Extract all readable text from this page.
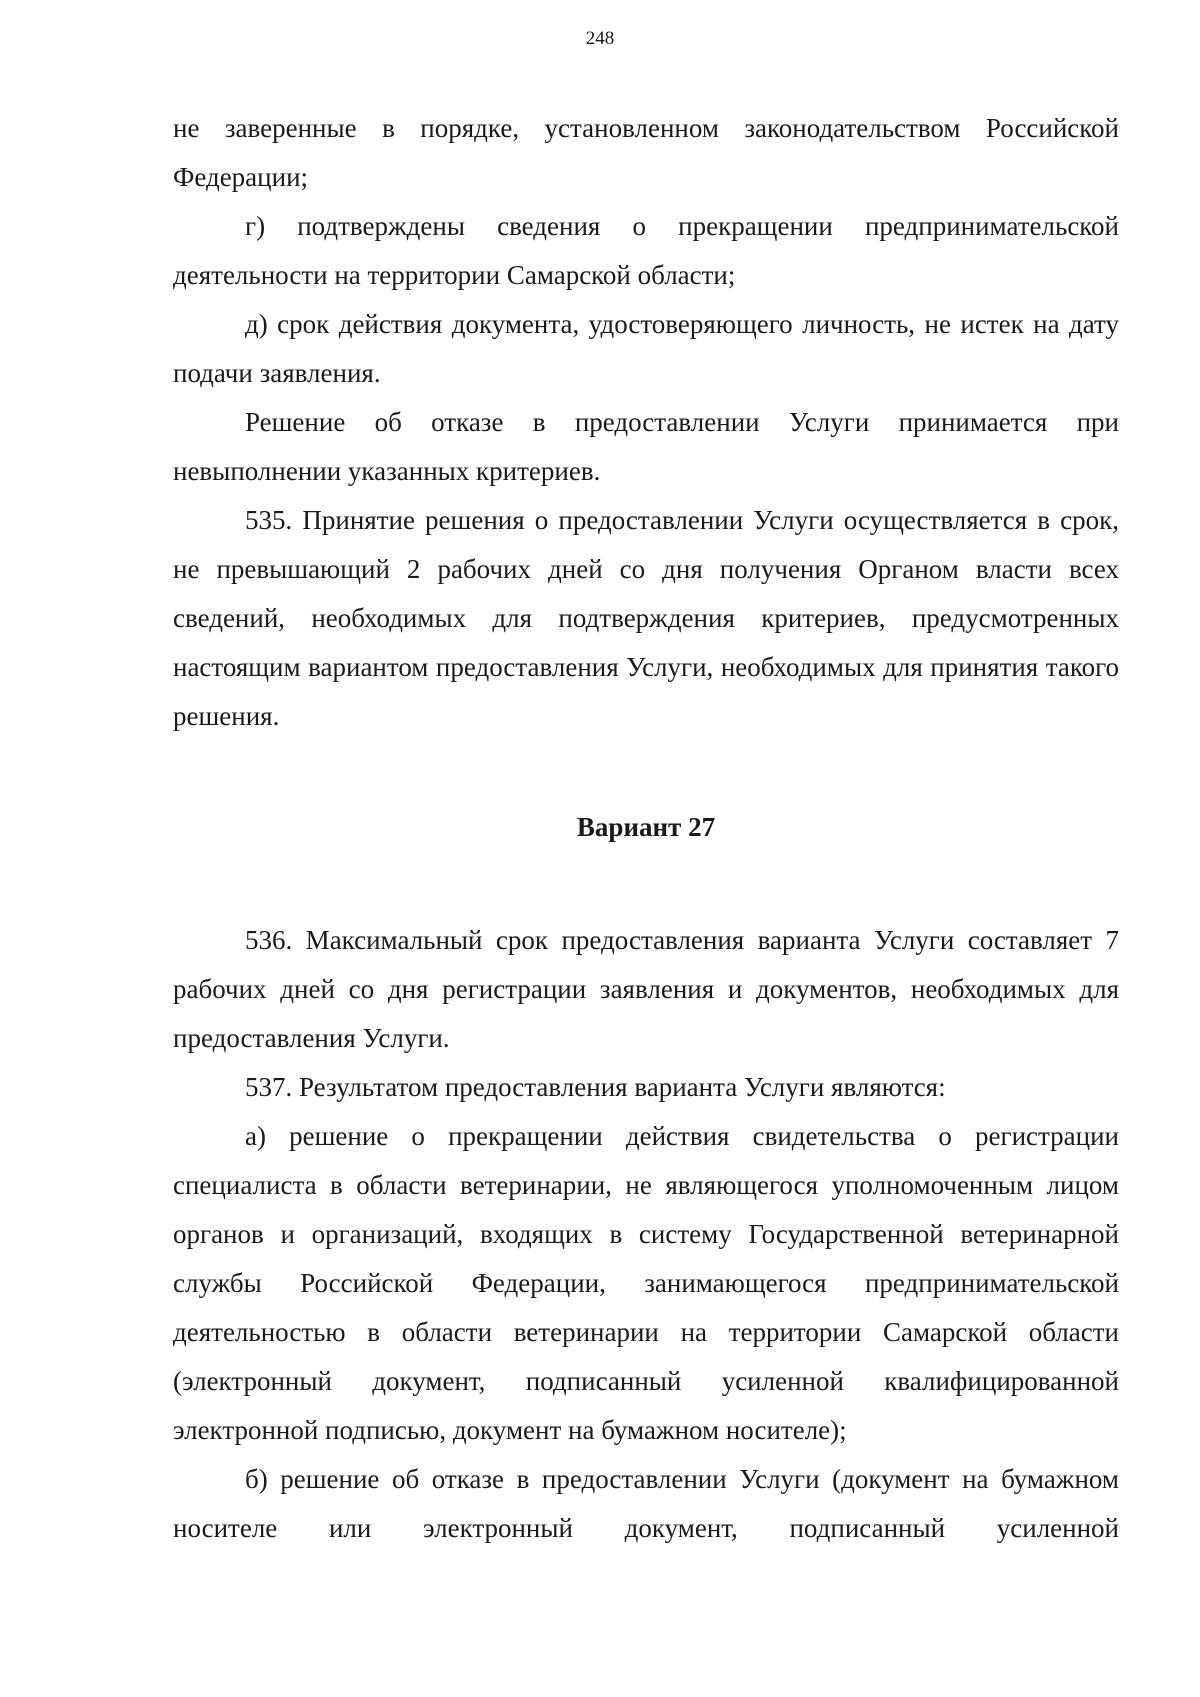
248

не заверенные в порядке, установленном законодательством Российской Федерации;

г) подтверждены сведения о прекращении предпринимательской деятельности на территории Самарской области;

д) срок действия документа, удостоверяющего личность, не истек на дату подачи заявления.

Решение об отказе в предоставлении Услуги принимается при невыполнении указанных критериев.

535. Принятие решения о предоставлении Услуги осуществляется в срок, не превышающий 2 рабочих дней со дня получения Органом власти всех сведений, необходимых для подтверждения критериев, предусмотренных настоящим вариантом предоставления Услуги, необходимых для принятия такого решения.

Вариант 27

536. Максимальный срок предоставления варианта Услуги составляет 7 рабочих дней со дня регистрации заявления и документов, необходимых для предоставления Услуги.

537. Результатом предоставления варианта Услуги являются:

а) решение о прекращении действия свидетельства о регистрации специалиста в области ветеринарии, не являющегося уполномоченным лицом органов и организаций, входящих в систему Государственной ветеринарной службы Российской Федерации, занимающегося предпринимательской деятельностью в области ветеринарии на территории Самарской области (электронный документ, подписанный усиленной квалифицированной электронной подписью, документ на бумажном носителе);

б) решение об отказе в предоставлении Услуги (документ на бумажном носителе или электронный документ, подписанный усиленной
